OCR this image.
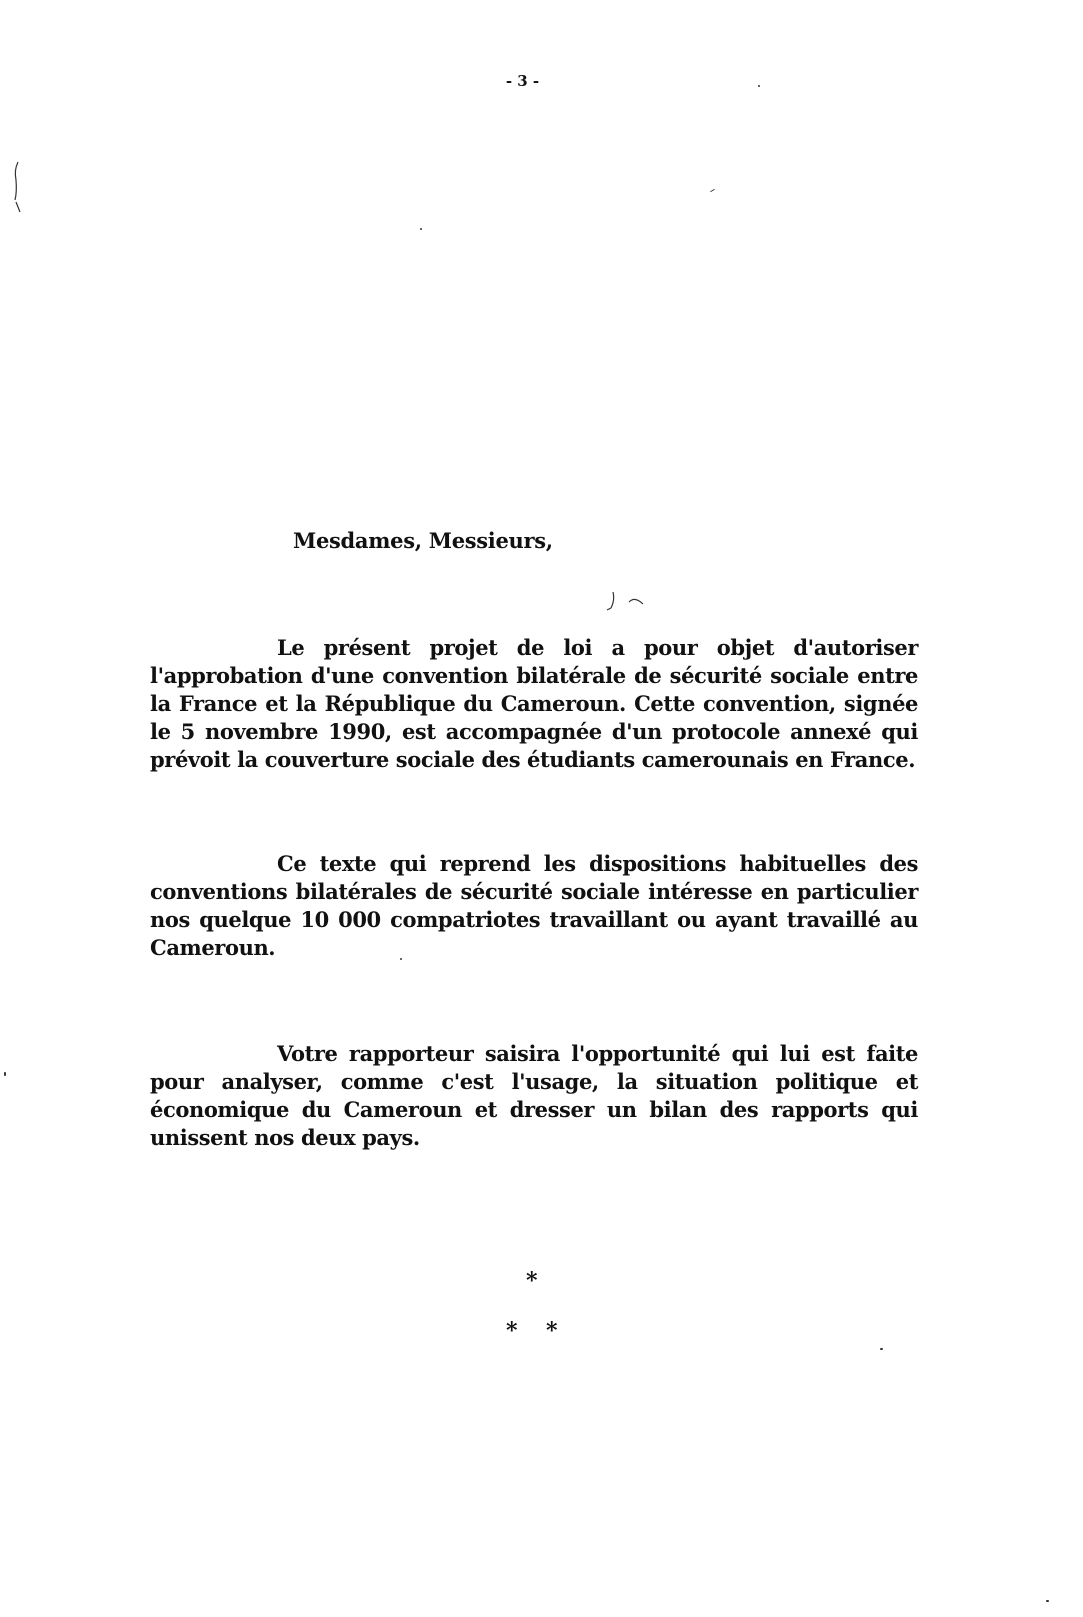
- 3 -
Mesdames, Messieurs,

Le présent projet de loi a pour objet d'autoriser l'approbation d'une convention bilatérale de sécurité sociale entre la France et la République du Cameroun. Cette convention, signée le 5 novembre 1990, est accompagnée d'un protocole annexé qui prévoit la couverture sociale des étudiants camerounais en France.

Ce texte qui reprend les dispositions habituelles des conventions bilatérales de sécurité sociale intéresse en particulier nos quelque 10 000 compatriotes travaillant ou ayant travaillé au Cameroun.

Votre rapporteur saisira l'opportunité qui lui est faite pour analyser, comme c'est l'usage, la situation politique et économique du Cameroun et dresser un bilan des rapports qui unissent nos deux pays.

*
* *
